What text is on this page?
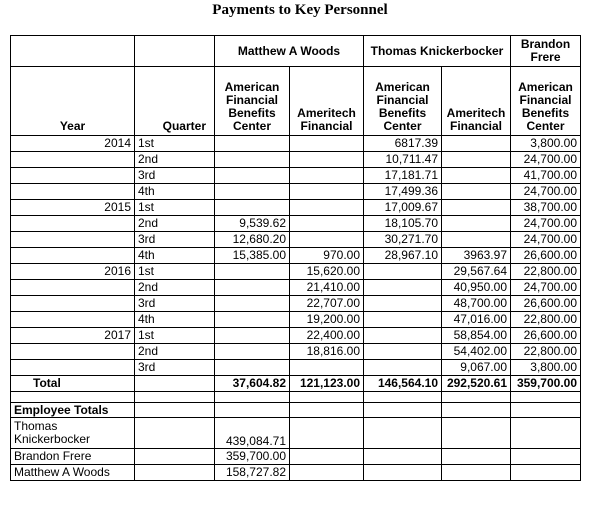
Payments to Key Personnel
		Matthew A Woods		Thomas Knickerbocker		Brandon Frere
Year	Quarter	American Financial Benefits Center	Ameritech Financial	American Financial Benefits Center	Ameritech Financial	American Financial Benefits Center
2014	1st			6817.39		3,800.00
	2nd			10,711.47		24,700.00
	3rd			17,181.71		41,700.00
	4th			17,499.36		24,700.00
2015	1st			17,009.67		38,700.00
	2nd	9,539.62		18,105.70		24,700.00
	3rd	12,680.20		30,271.70		24,700.00
	4th	15,385.00	970.00	28,967.10	3963.97	26,600.00
2016	1st		15,620.00		29,567.64	22,800.00
	2nd		21,410.00		40,950.00	24,700.00
	3rd		22,707.00		48,700.00	26,600.00
	4th		19,200.00		47,016.00	22,800.00
2017	1st		22,400.00		58,854.00	26,600.00
	2nd		18,816.00		54,402.00	22,800.00
	3rd				9,067.00	3,800.00
Total		37,604.82	121,123.00	146,564.10	292,520.61	359,700.00

Employee Totals						
Thomas Knickerbocker		439,084.71				
Brandon Frere		359,700.00				
Matthew A Woods		158,727.82				
